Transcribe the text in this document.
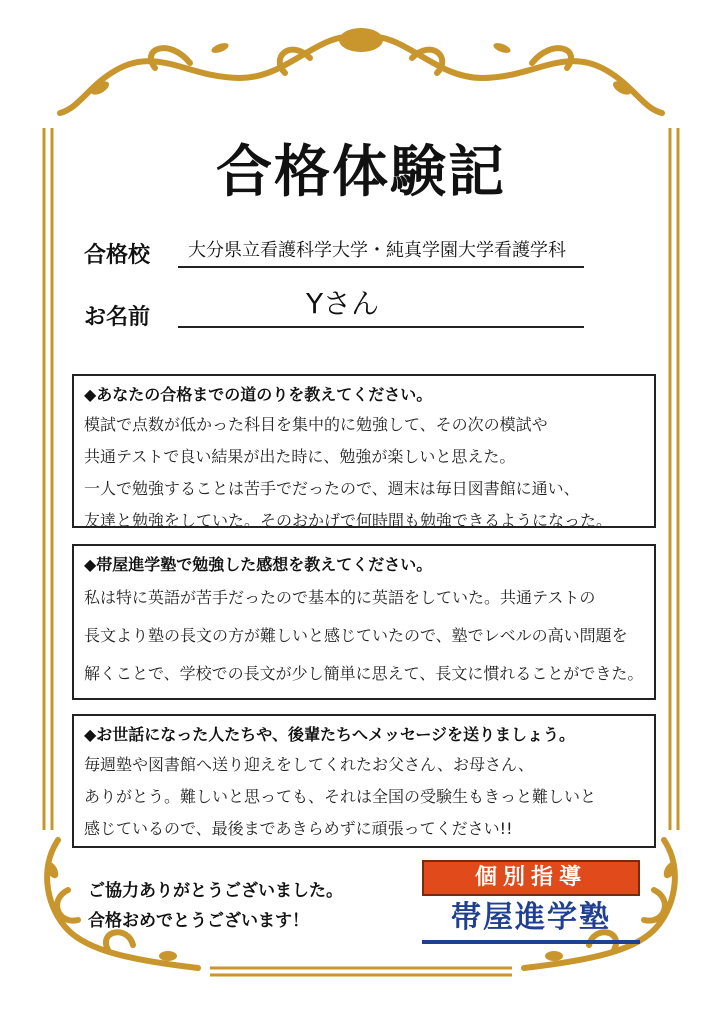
合格体験記
合格校 大分県立看護科学大学・純真学園大学看護学科
お名前	Yさん
◆あなたの合格までの道のりを教えてください。
模試で点数が低かった科目を集中的に勉強して、その次の模試や
共通テストで良い結果が出た時に、勉強が楽しいと思えた。
一人で勉強することは苦手でだったので、週末は毎日図書館に通い、
友達と勉強をしていた。そのおかげで何時間も勉強できるようになった。
◆帯屋進学塾で勉強した感想を教えてください。
私は特に英語が苦手だったので基本的に英語をしていた。共通テストの
長文より塾の長文の方が難しいと感じていたので、塾でレベルの高い問題を
解くことで、学校での長文が少し簡単に思えて、長文に慣れることができた。
◆お世話になった人たちや、後輩たちへメッセージを送りましょう。
毎週塾や図書館へ送り迎えをしてくれたお父さん、お母さん、
ありがとう。難しいと思っても、それは全国の受験生もきっと難しいと
感じているので、最後まであきらめずに頑張ってください!!
ご協力ありがとうございました。
合格おめでとうございます！
個別指導
帯屋進学塾
